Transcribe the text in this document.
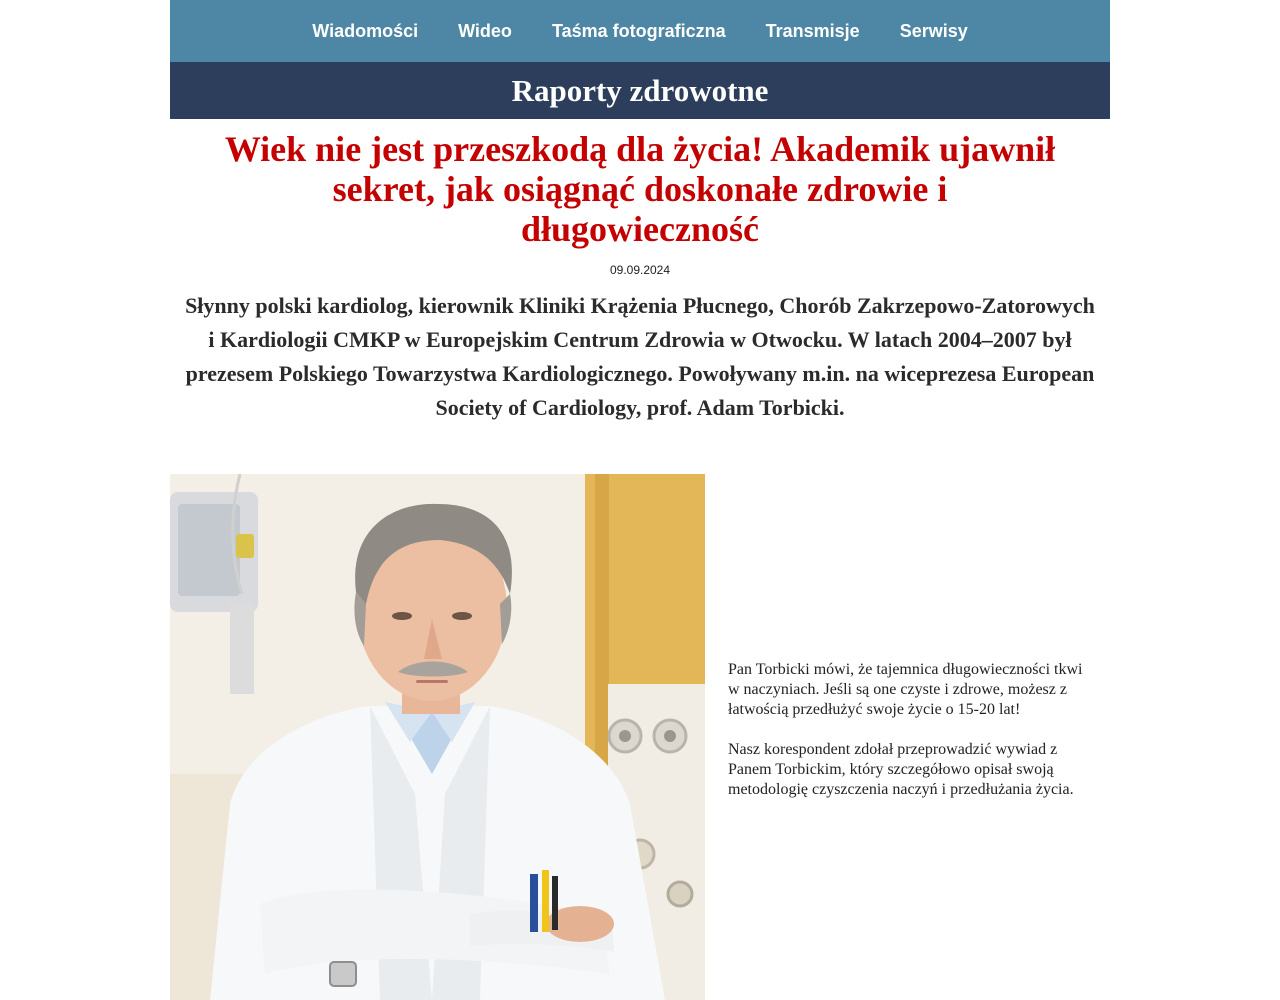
Wiadomości Wideo Taśma fotograficzna Transmisje Serwisy
Raporty zdrowotne
Wiek nie jest przeszkodą dla życia! Akademik ujawnił sekret, jak osiągnąć doskonałe zdrowie i długowieczność
09.09.2024
Słynny polski kardiolog, kierownik Kliniki Krążenia Płucnego, Chorób Zakrzepowo-Zatorowych i Kardiologii CMKP w Europejskim Centrum Zdrowia w Otwocku. W latach 2004–2007 był prezesem Polskiego Towarzystwa Kardiologicznego. Powoływany m.in. na wiceprezesa European Society of Cardiology, prof. Adam Torbicki.

Pan Torbicki mówi, że tajemnica długowieczności tkwi w naczyniach. Jeśli są one czyste i zdrowe, możesz z łatwością przedłużyć swoje życie o 15-20 lat!

Nasz korespondent zdołał przeprowadzić wywiad z Panem Torbickim, który szczegółowo opisał swoją metodologię czyszczenia naczyń i przedłużania życia.
